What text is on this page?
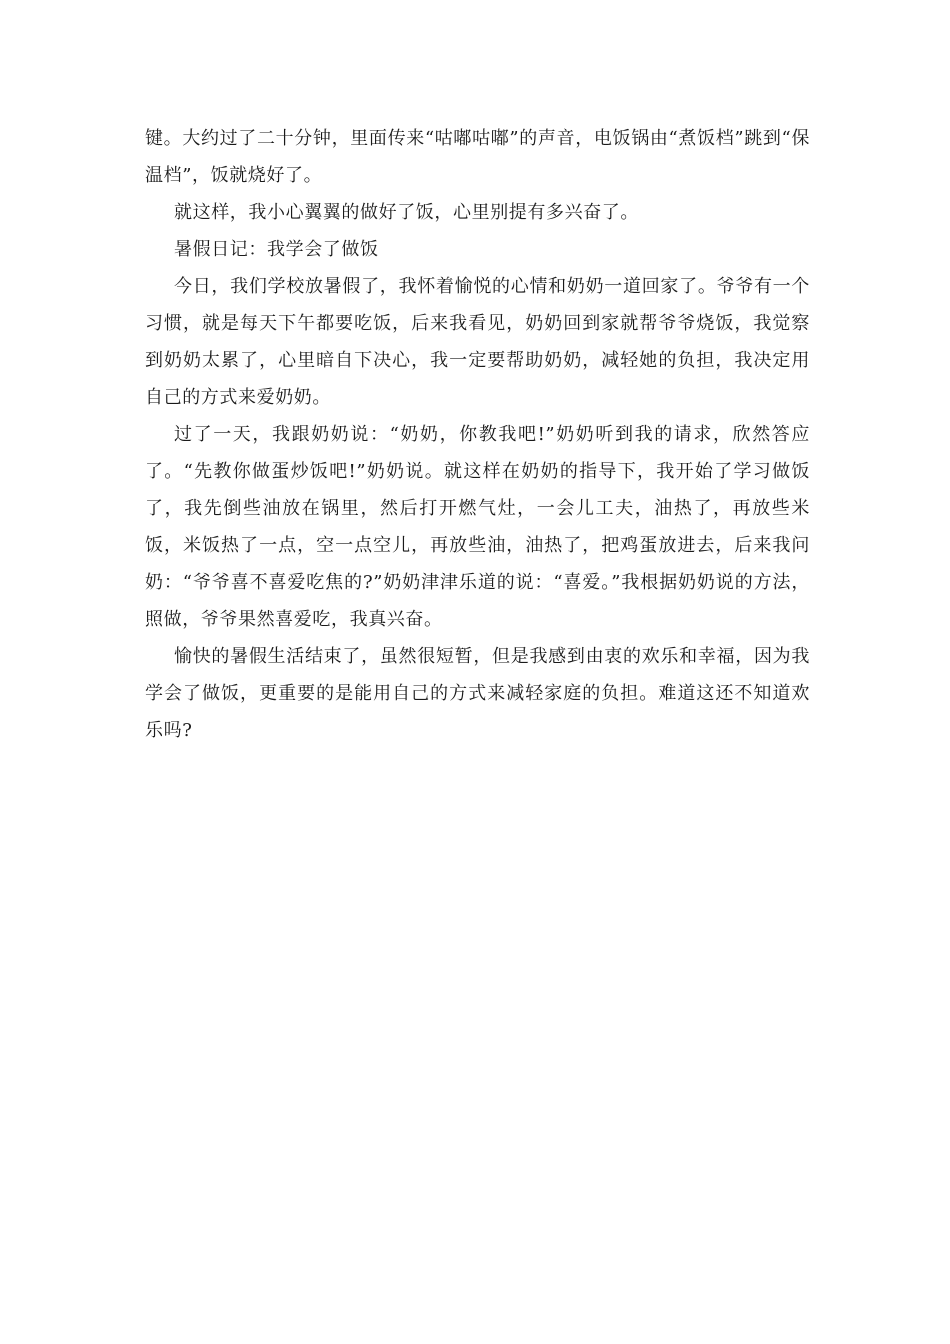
键。大约过了二十分钟，里面传来“咕嘟咕嘟”的声音，电饭锅由“煮饭档”跳到“保温档”，饭就烧好了。

就这样，我小心翼翼的做好了饭，心里别提有多兴奋了。

暑假日记：我学会了做饭

今日，我们学校放暑假了，我怀着愉悦的心情和奶奶一道回家了。爷爷有一个习惯，就是每天下午都要吃饭，后来我看见，奶奶回到家就帮爷爷烧饭，我觉察到奶奶太累了，心里暗自下决心，我一定要帮助奶奶，减轻她的负担，我决定用自己的方式来爱奶奶。

过了一天，我跟奶奶说：“奶奶，你教我吧!”奶奶听到我的请求，欣然答应了。“先教你做蛋炒饭吧!”奶奶说。就这样在奶奶的指导下，我开始了学习做饭了，我先倒些油放在锅里，然后打开燃气灶，一会儿工夫，油热了，再放些米饭，米饭热了一点，空一点空儿，再放些油，油热了，把鸡蛋放进去，后来我问奶：“爷爷喜不喜爱吃焦的?”奶奶津津乐道的说：“喜爱。”我根据奶奶说的方法，照做，爷爷果然喜爱吃，我真兴奋。

愉快的暑假生活结束了，虽然很短暂，但是我感到由衷的欢乐和幸福，因为我学会了做饭，更重要的是能用自己的方式来减轻家庭的负担。难道这还不知道欢乐吗?
